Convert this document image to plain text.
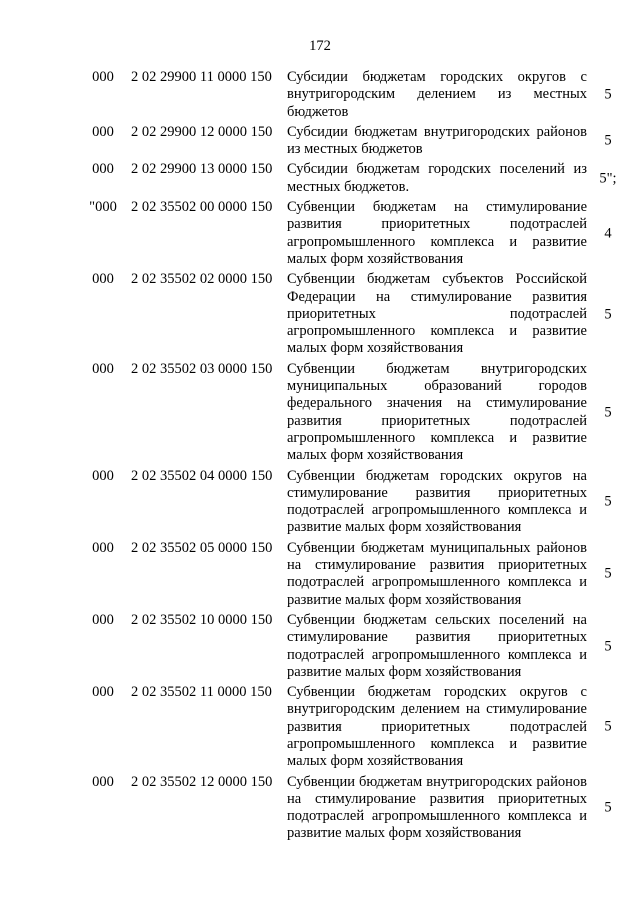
172
000	2 02 29900 11 0000 150 Субсидии бюджетам городских округов с внутригородским делением из местных бюджетов
5
000	2 02 29900 12 0000 150 Субсидии бюджетам внутригородских районов из местных бюджетов
5
000	2 02 29900 13 0000 150 Субсидии бюджетам городских поселений из местных бюджетов.
5";
"000 2 02 35502 00 0000 150 Субвенции бюджетам на стимулирование развития приоритетных подотраслей агропромышленного комплекса и развитие малых форм хозяйствования
4
000	2 02 35502 02 0000 150 Субвенции бюджетам субъектов Российской Федерации на стимулирование развития приоритетных подотраслей агропромышленного комплекса и развитие малых форм хозяйствования
5
000	2 02 35502 03 0000 150 Субвенции бюджетам внутригородских муниципальных образований городов федерального значения на стимулирование развития приоритетных подотраслей агропромышленного комплекса и развитие малых форм хозяйствования
5
000	2 02 35502 04 0000 150 Субвенции бюджетам городских округов на стимулирование развития приоритетных подотраслей агропромышленного комплекса и развитие малых форм хозяйствования
5
000	2 02 35502 05 0000 150 Субвенции бюджетам муниципальных районов на стимулирование развития приоритетных подотраслей агропромышленного комплекса и развитие малых форм хозяйствования
5
000	2 02 35502 10 0000 150 Субвенции бюджетам сельских поселений на стимулирование развития приоритетных подотраслей агропромышленного комплекса и развитие малых форм хозяйствования
5
000	2 02 35502 11 0000 150 Субвенции бюджетам городских округов с внутригородским делением на стимулирование развития приоритетных подотраслей агропромышленного комплекса и развитие малых форм хозяйствования
5
000	2 02 35502 12 0000 150 Субвенции бюджетам внутригородских районов на стимулирование развития приоритетных подотраслей агропромышленного комплекса и развитие малых форм хозяйствования
5
